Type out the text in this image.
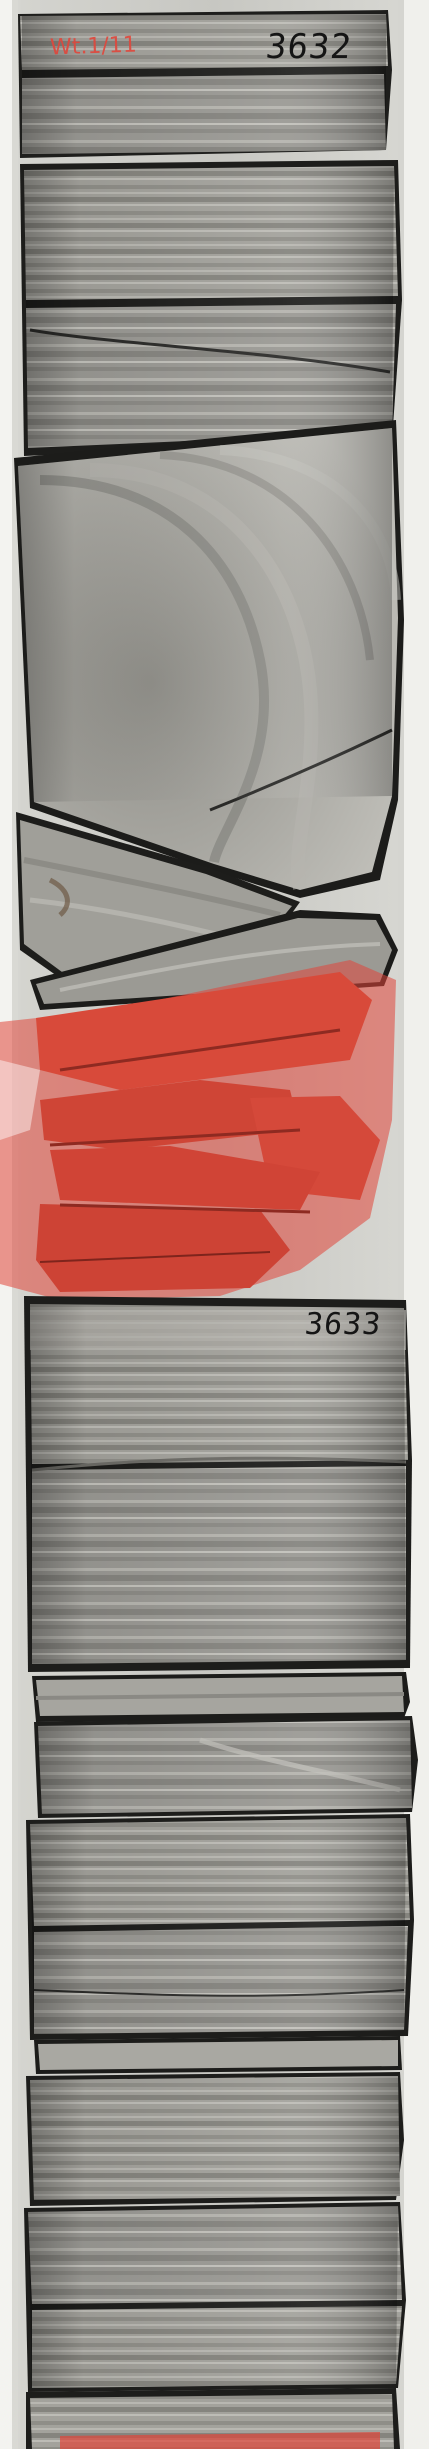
Wt.1/11	3632
3633
